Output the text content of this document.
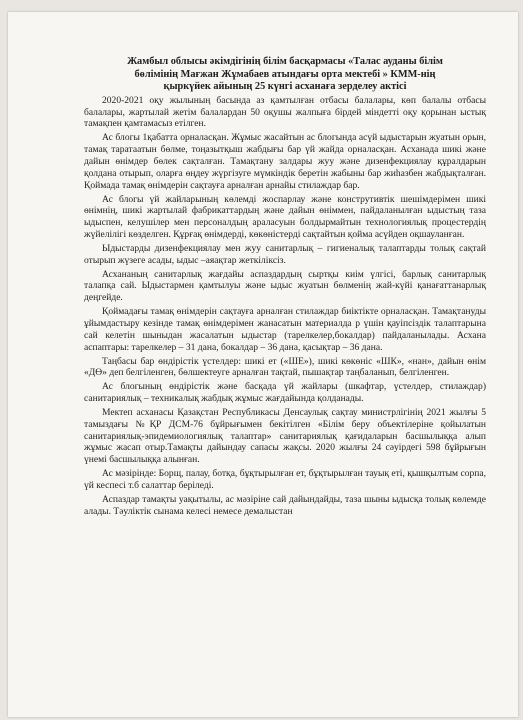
Жамбыл облысы әкімдігінің білім басқармасы «Талас ауданы білім
бөлімінің Мағжан Жұмабаев атындағы орта мектебі » КММ-нің
қыркүйек айының 25 күнгі асханаға зерделеу актісі

2020-2021 оқу жылының басында аз қамтылған отбасы балалары, көп балалы отбасы балалары, жартылай жетім балалардан 50 оқушы жалпыға бірдей міндетті оқу қорынан ыстық тамақпен қамтамасыз етілген.

Ас блогы 1қабатта орналасқан. Жұмыс жасайтын ас блогында асүй ыдыстарын жуатын орын, тамақ таратаатын бөлме, тоңазытқыш жабдығы бар үй жайда орналасқан. Асханада шикі және дайын өнімдер бөлек сақталған. Тамақтану залдары жуу және дизенфекциялау құралдарын қолдана отырып, оларға өңдеу жүргізуге мүмкіндік беретін жабыны бар жиһазбен жабдықталған. Қоймада тамақ өнімдерін сақтауға арналған арнайы стилаждар бар.

Ас блогы үй жайларының көлемді жоспарлау және конструтивтік шешімдерімен шикі өнімнің, шикі жартылай фабрикаттардың және дайын өніммен, пайдаланылған ыдыстың таза ыдыспен, келушілер мен персоналдың араласуын болдырмайтын технологиялық процестердің жүйелілігі көзделген. Құрғақ өнімдерді, көкөністерді сақтайтын қойма асүйден оқшауланған.

Ыдыстарды дизенфекциялау мен жуу санитарлық – гигиеналық талаптарды толық сақтай отырып жүзеге асады, ыдыс –аяақтар жеткіліксіз.

Асхананың санитарлық жағдайы аспаздардың сыртқы киім үлгісі, барлық санитарлық талапқа сай. Ыдыстармен қамтылуы және ыдыс жуатын бөлменің жай-күйі қанағаттанарлық деңгейде.

Қоймадағы тамақ өнімдерін сақтауға арналған стилаждар биіктікте орналасқан. Тамақтануды ұйымдастыру кезінде тамақ өнімдерімен жанасатын материалда р үшін қауіпсіздік талаптарына сай келетін шыныдан жасалатын ыдыстар (тарелкелер,бокалдар) пайдаланылады. Асхана аспаптары: тарелкелер – 31 дана, бокалдар – 36 дана, қасықтар – 36 дана.

Таңбасы бар өндірістік үстелдер: шикі ет («ШЕ»), шикі көкөніс «ШК», «нан», дайын өнім «ДӨ» деп белгіленген, бөлшектеуге арналған тақтай, пышақтар таңбаланып, белгіленген.

Ас блогының өндірістік және басқада үй жайлары (шкафтар, үстелдер, стилаждар) санитариялық – техникалық жабдық жұмыс жағдайында қолданады.

Мектеп асханасы Қазақстан Республикасы Денсаулық сақтау министрлігінің 2021 жылғы 5 тамыздағы №ҚР ДСМ-76 бұйрығымен бекітілген «Білім беру объектілеріне қойылатын санитариялық-эпидемиологиялық талаптар» санитариялық қағидаларын басшылыққа алып жұмыс жасап отыр.Тамақты дайындау сапасы жақсы. 2020 жылғы 24 сәуірдегі 598 бұйрығын үнемі басшылыққа алынған.

Ас мәзірінде: Борщ, палау, ботқа, бұқтырылған ет, бұқтырылған тауық еті, қышқылтым сорпа, үй кеспесі т.б салаттар беріледі.

Аспаздар тамақты уақытылы, ас мәзіріне сай дайындайды, таза шыны ыдысқа толық көлемде алады. Тәуліктік сынама келесі немесе демалыстан
